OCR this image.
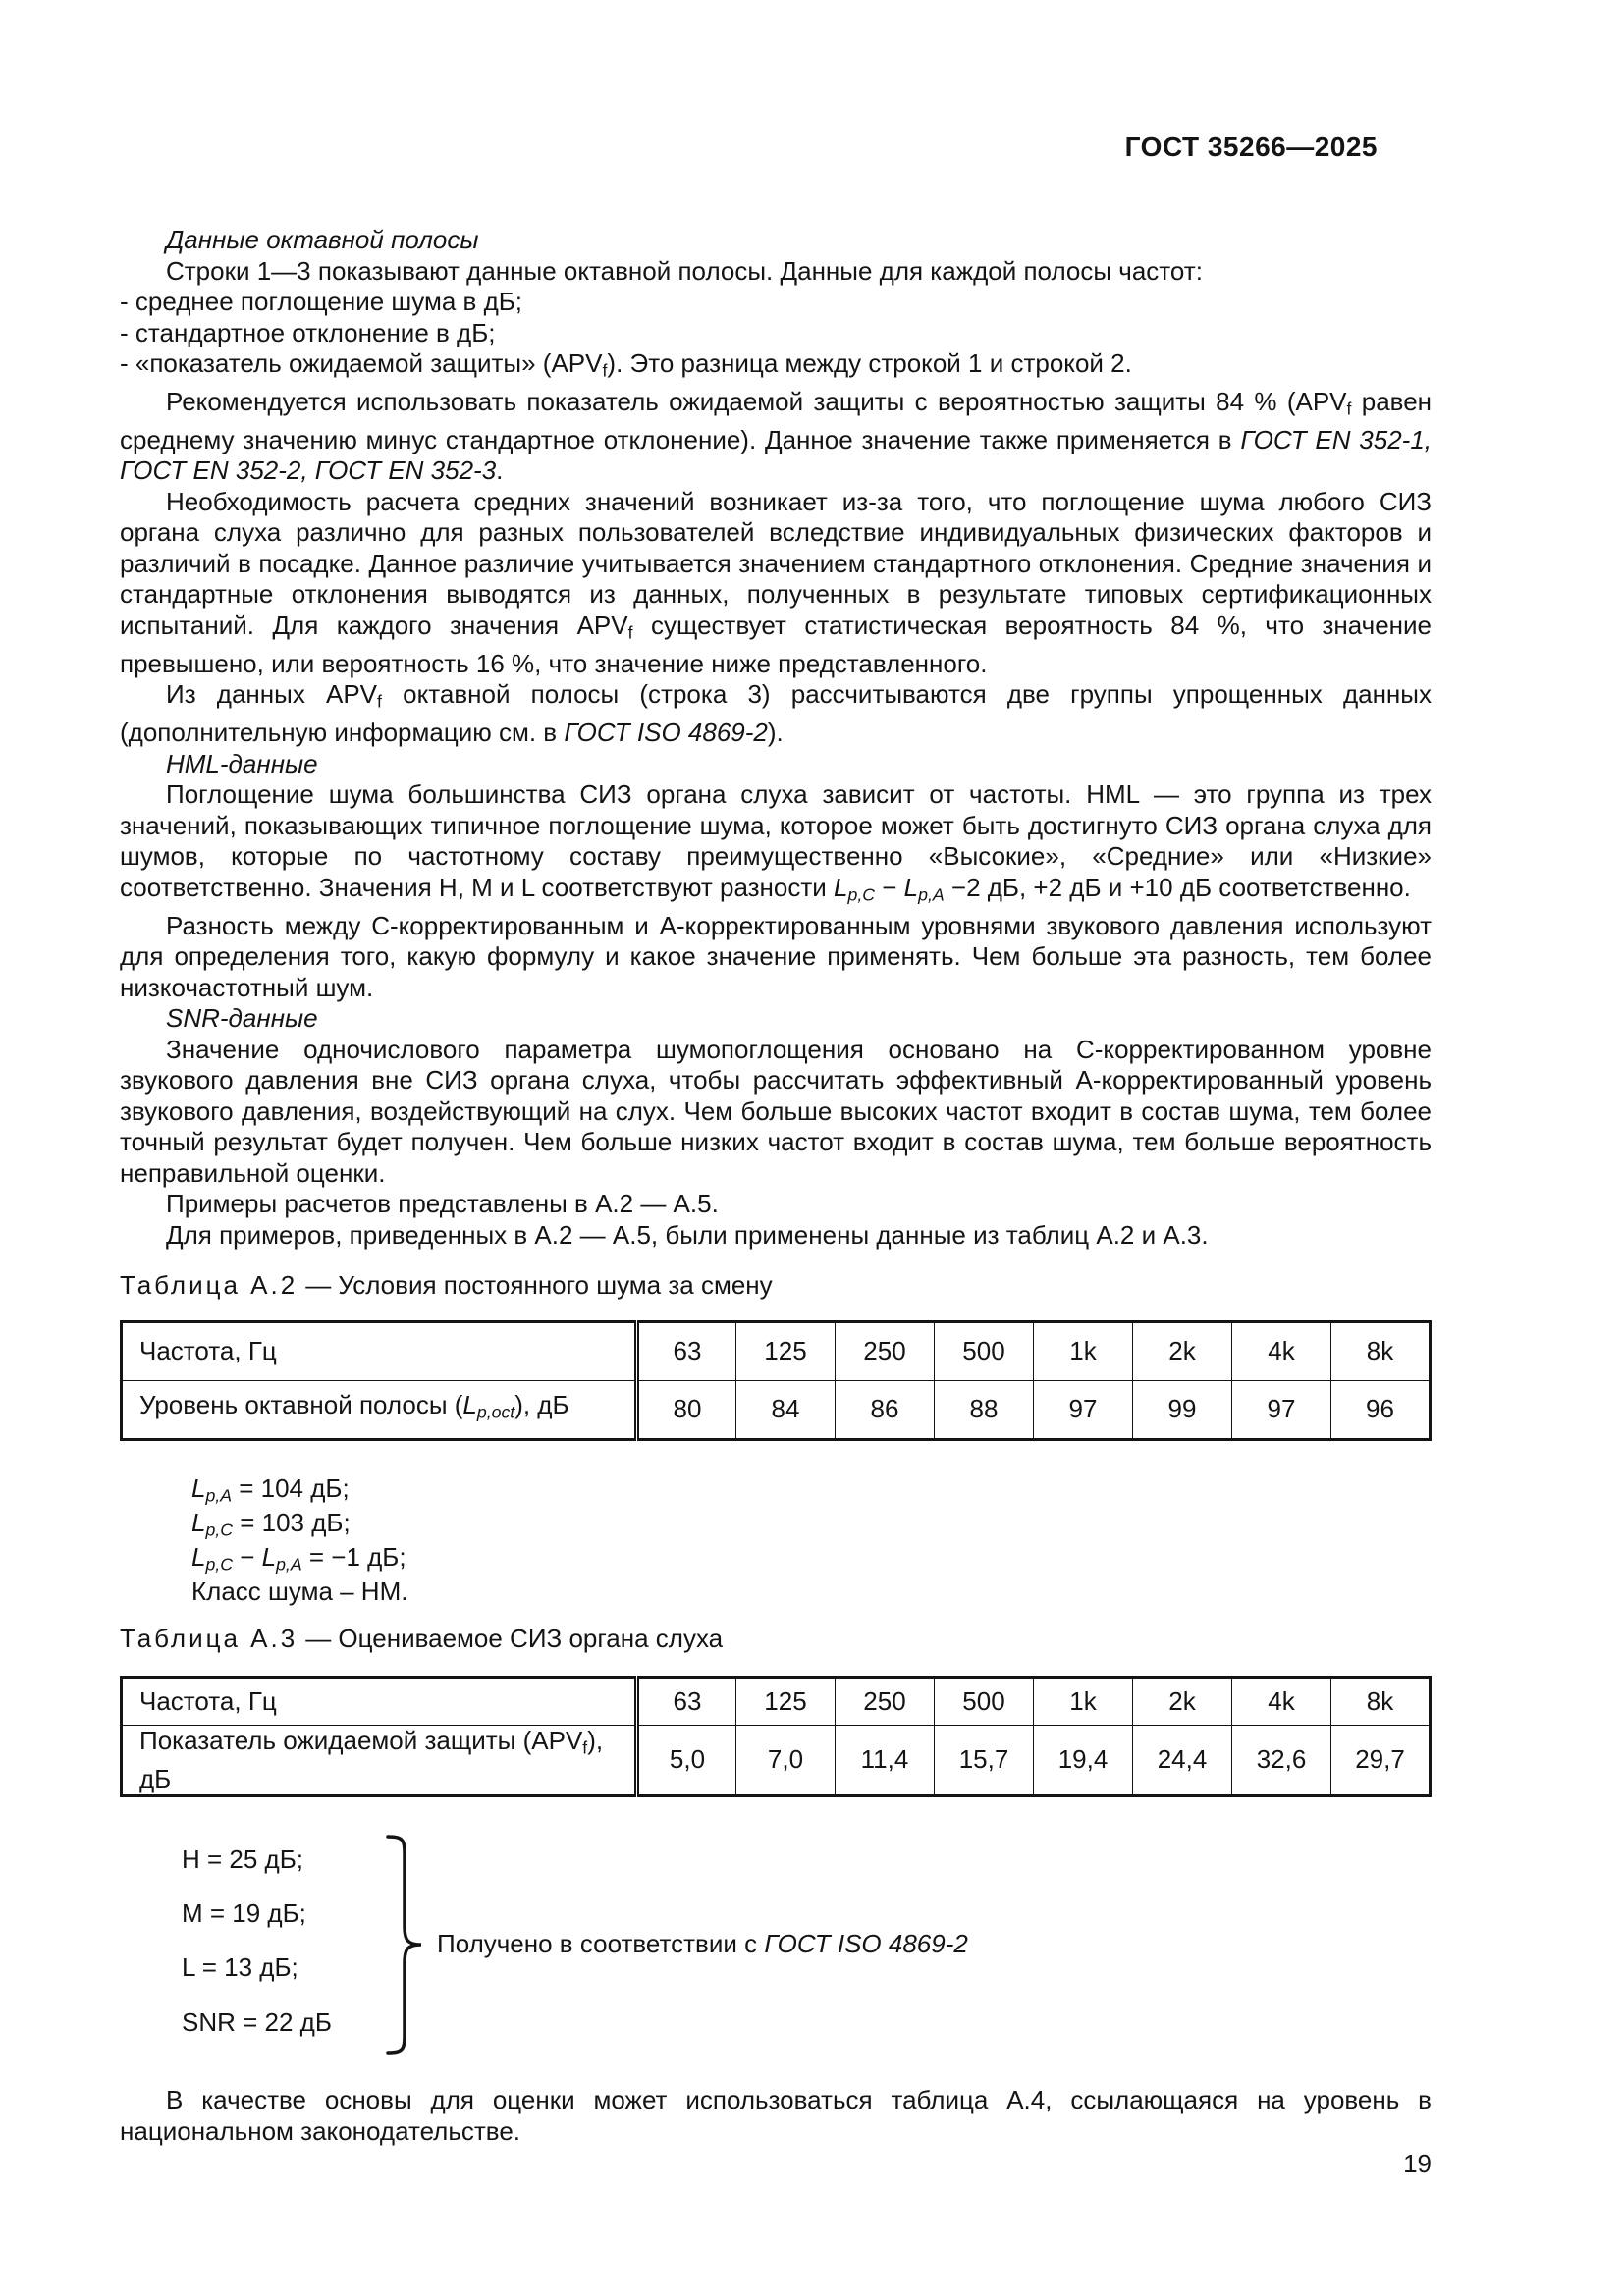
ГОСТ 35266—2025

Данные октавной полосы

Строки 1—3 показывают данные октавной полосы. Данные для каждой полосы частот:

- среднее поглощение шума в дБ;

- стандартное отклонение в дБ;

- «показатель ожидаемой защиты» (APVf). Это разница между строкой 1 и строкой 2.

Рекомендуется использовать показатель ожидаемой защиты с вероятностью защиты 84 % (APVf равен среднему значению минус стандартное отклонение). Данное значение также применяется в ГОСТ EN 352-1, ГОСТ EN 352-2, ГОСТ EN 352-3.

Необходимость расчета средних значений возникает из-за того, что поглощение шума любого СИЗ органа слуха различно для разных пользователей вследствие индивидуальных физических факторов и различий в посадке. Данное различие учитывается значением стандартного отклонения. Средние значения и стандартные отклонения выводятся из данных, полученных в результате типовых сертификационных испытаний. Для каждого значения APVf существует статистическая вероятность 84 %, что значение превышено, или вероятность 16 %, что значение ниже представленного.

Из данных APVf октавной полосы (строка 3) рассчитываются две группы упрощенных данных (дополнительную информацию см. в ГОСТ ISO 4869-2).

HML-данные

Поглощение шума большинства СИЗ органа слуха зависит от частоты. HML — это группа из трех значений, показывающих типичное поглощение шума, которое может быть достигнуто СИЗ органа слуха для шумов, которые по частотному составу преимущественно «Высокие», «Средние» или «Низкие» соответственно. Значения H, M и L соответствуют разности Lp,C − Lp,A −2 дБ, +2 дБ и +10 дБ соответственно.

Разность между C-корректированным и A-корректированным уровнями звукового давления используют для определения того, какую формулу и какое значение применять. Чем больше эта разность, тем более низкочастотный шум.

SNR-данные

Значение одночислового параметра шумопоглощения основано на C-корректированном уровне звукового давления вне СИЗ органа слуха, чтобы рассчитать эффективный A-корректированный уровень звукового давления, воздействующий на слух. Чем больше высоких частот входит в состав шума, тем более точный результат будет получен. Чем больше низких частот входит в состав шума, тем больше вероятность неправильной оценки.

Примеры расчетов представлены в А.2 — А.5.

Для примеров, приведенных в А.2 — А.5, были применены данные из таблиц А.2 и А.3.

Таблица А.2 — Условия постоянного шума за смену

Частота, Гц	63	125	250	500	1k	2k	4k	8k
Уровень октавной полосы (Lp,oct), дБ	80	84	86	88	97	99	97	96
Lp,A = 104 дБ;
Lp,C = 103 дБ;
Lp,C − Lp,A = −1 дБ;
Класс шума – НМ.

Таблица А.3 — Оцениваемое СИЗ органа слуха

Частота, Гц	63	125	250	500	1k	2k	4k	8k
Показатель ожидаемой защиты (APVf), дБ	5,0	7,0	11,4	15,7	19,4	24,4	32,6	29,7
H = 25 дБ;
M = 19 дБ;
L = 13 дБ;
SNR = 22 дБ
Получено в соответствии с ГОСТ ISO 4869-2

В качестве основы для оценки может использоваться таблица А.4, ссылающаяся на уровень в национальном законодательстве.

19
